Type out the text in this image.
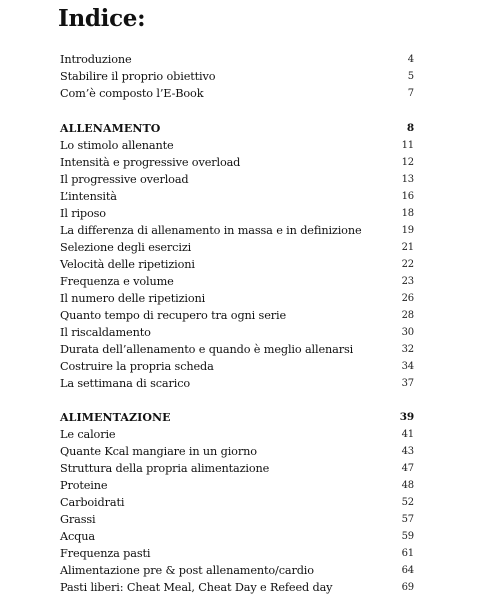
Indice:
Introduzione	4
Stabilire il proprio obiettivo	5
Com’è composto l’E-Book	7
ALLENAMENTO	8
Lo stimolo allenante	11
Intensità e progressive overload	12
Il progressive overload	13
L’intensità	16
Il riposo	18
La differenza di allenamento in massa e in definizione	19
Selezione degli esercizi	21
Velocità delle ripetizioni	22
Frequenza e volume	23
Il numero delle ripetizioni	26
Quanto tempo di recupero tra ogni serie	28
Il riscaldamento	30
Durata dell’allenamento e quando è meglio allenarsi	32
Costruire la propria scheda	34
La settimana di scarico	37
ALIMENTAZIONE	39
Le calorie	41
Quante Kcal mangiare in un giorno	43
Struttura della propria alimentazione	47
Proteine	48
Carboidrati	52
Grassi	57
Acqua	59
Frequenza pasti	61
Alimentazione pre & post allenamento/cardio	64
Pasti liberi: Cheat Meal, Cheat Day e Refeed day	69
